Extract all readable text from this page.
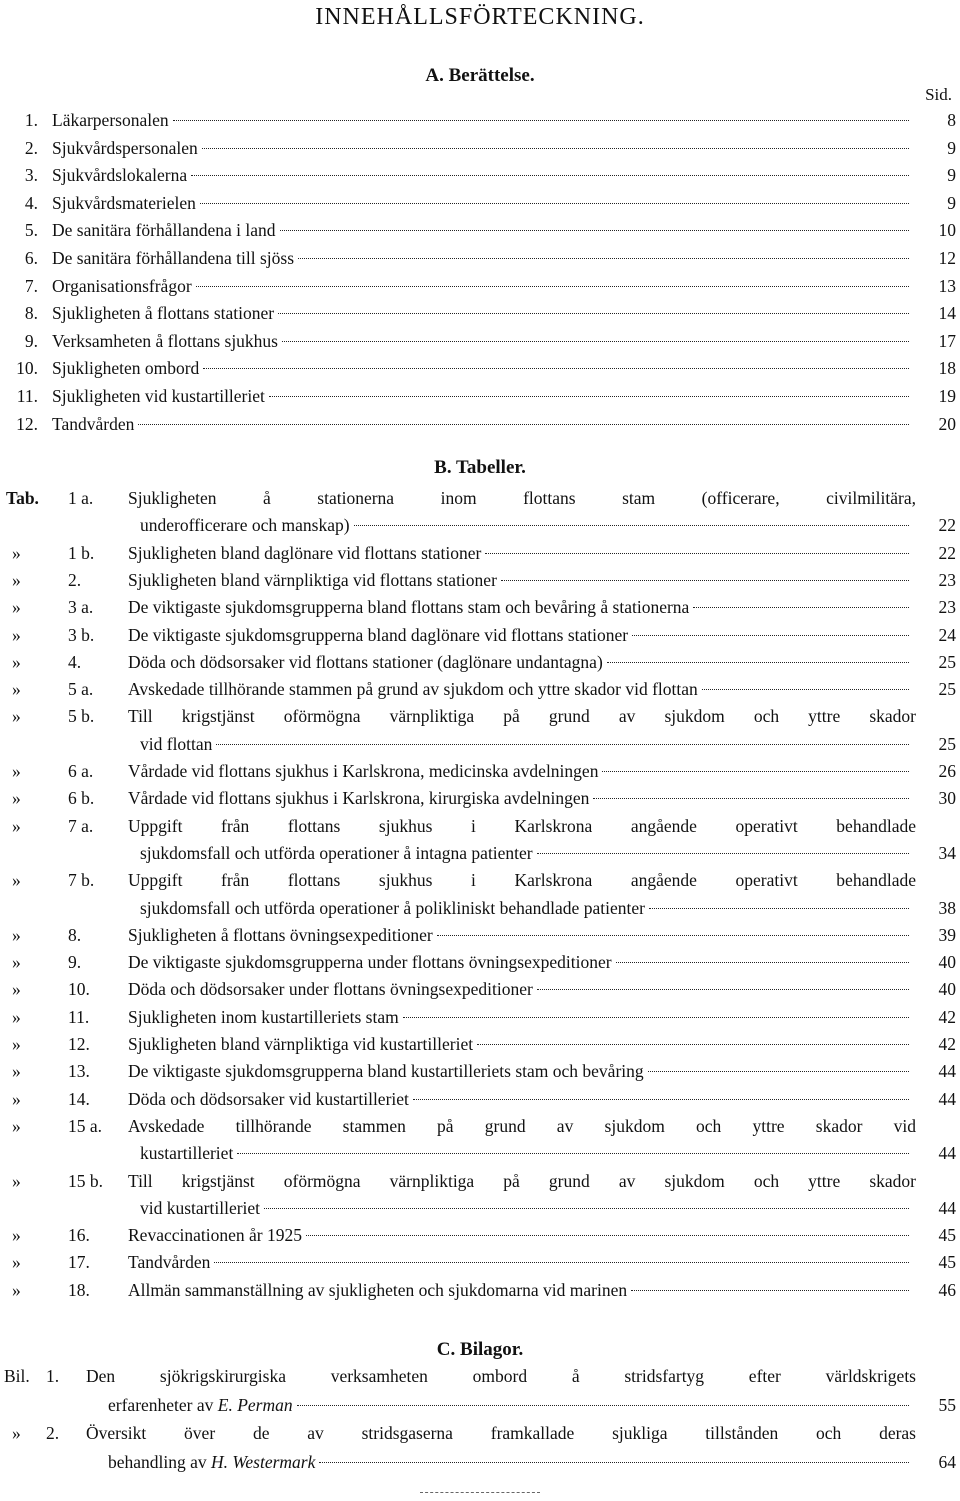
INNEHÅLLSFÖRTECKNING.
A. Berättelse.
Sid.
B. Tabeller.
C. Bilagor.
1. Läkarpersonalen	8
2. Sjukvårdspersonalen	9
3. Sjukvårdslokalerna	9
4. Sjukvårdsmaterielen	9
5. De sanitära förhållandena i land	10
6. De sanitära förhållandena till sjöss	12
7. Organisationsfrågor	13
8. Sjukligheten å flottans stationer	14
9. Verksamheten å flottans sjukhus	17
10. Sjukligheten ombord	18
11. Sjukligheten vid kustartilleriet	19
12. Tandvården	20
Tab. 1 a. Sjukligheten å stationerna inom flottans stam (officerare, civilmilitära,
underofficerare och manskap)	22
»	1 b. Sjukligheten bland daglönare vid flottans stationer	22
»	2.	Sjukligheten bland värnpliktiga vid flottans stationer	23
»	3 a. De viktigaste sjukdomsgrupperna bland flottans stam och bevåring å stationerna	23
»	3 b. De viktigaste sjukdomsgrupperna bland daglönare vid flottans stationer	24
»	4.	Döda och dödsorsaker vid flottans stationer (daglönare undantagna)	25
»	5 a. Avskedade tillhörande stammen på grund av sjukdom och yttre skador vid flottan	25
»	5 b. Till krigstjänst oförmögna värnpliktiga på grund av sjukdom och yttre skador
vid flottan	25
»	6 a. Vårdade vid flottans sjukhus i Karlskrona, medicinska avdelningen	26
»	6 b. Vårdade vid flottans sjukhus i Karlskrona, kirurgiska avdelningen	30
»	7 a. Uppgift från flottans sjukhus i Karlskrona angående operativt behandlade
sjukdomsfall och utförda operationer å intagna patienter	34
»	7 b. Uppgift från flottans sjukhus i Karlskrona angående operativt behandlade
sjukdomsfall och utförda operationer å polikliniskt behandlade patienter	38
»	8.	Sjukligheten å flottans övningsexpeditioner	39
»	9.	De viktigaste sjukdomsgrupperna under flottans övningsexpeditioner	40
»	10. Döda och dödsorsaker under flottans övningsexpeditioner	40
»	11. Sjukligheten inom kustartilleriets stam	42
»	12. Sjukligheten bland värnpliktiga vid kustartilleriet	42
»	13. De viktigaste sjukdomsgrupperna bland kustartilleriets stam och bevåring	44
»	14. Döda och dödsorsaker vid kustartilleriet	44
»	15 a. Avskedade tillhörande stammen på grund av sjukdom och yttre skador vid
kustartilleriet	44
»	15 b. Till krigstjänst oförmögna värnpliktiga på grund av sjukdom och yttre skador
vid kustartilleriet	44
»	16. Revaccinationen år 1925	45
»	17. Tandvården	45
»	18. Allmän sammanställning av sjukligheten och sjukdomarna vid marinen	46
Bil. 1. Den sjökrigskirurgiska verksamheten ombord å stridsfartyg efter världskrigets
erfarenheter av E. Perman	55
» 2. Översikt över de av stridsgaserna framkallade sjukliga tillstånden och deras
behandling av H. Westermark	64
